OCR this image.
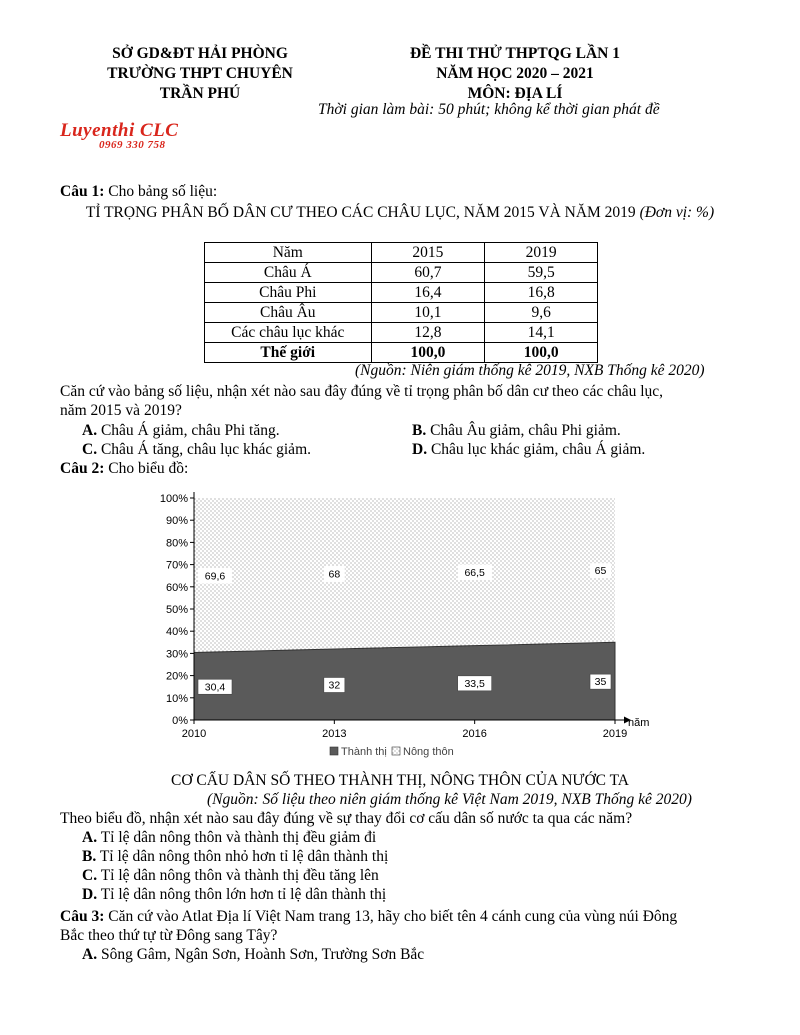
SỞ GD&ĐT HẢI PHÒNG
TRƯỜNG THPT CHUYÊN
TRẦN PHÚ
ĐỀ THI THỬ THPTQG LẦN 1
NĂM HỌC 2020 – 2021
MÔN: ĐỊA LÍ
Thời gian làm bài: 50 phút; không kể thời gian phát đề
Luyenthi CLC
0969 330 758
Câu 1: Cho bảng số liệu:
TỈ TRỌNG PHÂN BỐ DÂN CƯ THEO CÁC CHÂU LỤC, NĂM 2015 VÀ NĂM 2019 (Đơn vị: %)
Năm	2015	2019
Châu Á	60,7	59,5
Châu Phi	16,4	16,8
Châu Âu	10,1	9,6
Các châu lục khác	12,8	14,1
Thế giới	100,0	100,0
(Nguồn: Niên giám thống kê 2019, NXB Thống kê 2020)
Căn cứ vào bảng số liệu, nhận xét nào sau đây đúng về tỉ trọng phân bố dân cư theo các châu lục,
năm 2015 và 2019?
A. Châu Á giảm, châu Phi tăng.	B. Châu Âu giảm, châu Phi giảm.
C. Châu Á tăng, châu lục khác giảm.	D. Châu lục khác giảm, châu Á giảm.
Câu 2: Cho biểu đồ:
0%
10%
20%
30%
40%
50%
60%
70%
80%
90%
100%
2010	2013	2016	2019
năm
30,4
69,6
32
68
33,5
66,5
35
65
Thành thị Nông thôn
CƠ CẤU DÂN SỐ THEO THÀNH THỊ, NÔNG THÔN CỦA NƯỚC TA
(Nguồn: Số liệu theo niên giám thống kê Việt Nam 2019, NXB Thống kê 2020)
Theo biểu đồ, nhận xét nào sau đây đúng về sự thay đổi cơ cấu dân số nước ta qua các năm?
A. Tỉ lệ dân nông thôn và thành thị đều giảm đi
B. Tỉ lệ dân nông thôn nhỏ hơn tỉ lệ dân thành thị
C. Tỉ lệ dân nông thôn và thành thị đều tăng lên
D. Tỉ lệ dân nông thôn lớn hơn tỉ lệ dân thành thị
Câu 3: Căn cứ vào Atlat Địa lí Việt Nam trang 13, hãy cho biết tên 4 cánh cung của vùng núi Đông
Bắc theo thứ tự từ Đông sang Tây?
A. Sông Gâm, Ngân Sơn, Hoành Sơn, Trường Sơn Bắc
